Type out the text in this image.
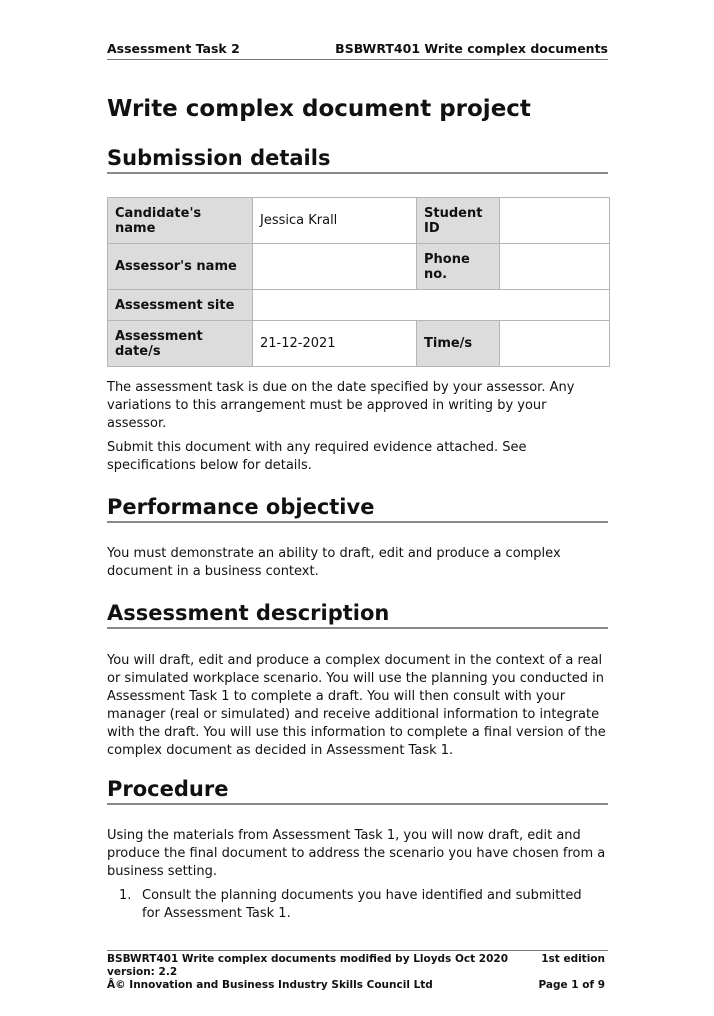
Assessment Task 2	BSBWRT401 Write complex documents
Write complex document project
Submission details
Candidate's name	Jessica Krall	Student ID	
Assessor's name		Phone no.	
Assessment site			
Assessment date/s	21-12-2021	Time/s	

The assessment task is due on the date specified by your assessor. Any variations to this arrangement must be approved in writing by your assessor.

Submit this document with any required evidence attached. See specifications below for details.

Performance objective

You must demonstrate an ability to draft, edit and produce a complex document in a business context.

Assessment description

You will draft, edit and produce a complex document in the context of a real or simulated workplace scenario. You will use the planning you conducted in Assessment Task 1 to complete a draft. You will then consult with your manager (real or simulated) and receive additional information to integrate with the draft. You will use this information to complete a final version of the complex document as decided in Assessment Task 1.

Procedure

Using the materials from Assessment Task 1, you will now draft, edit and produce the final document to address the scenario you have chosen from a business setting.

1. Consult the planning documents you have identified and submitted for Assessment Task 1.
BSBWRT401 Write complex documents modified by Lloyds Oct 2020	1st edition
version: 2.2
Â© Innovation and Business Industry Skills Council Ltd	Page 1 of 9
